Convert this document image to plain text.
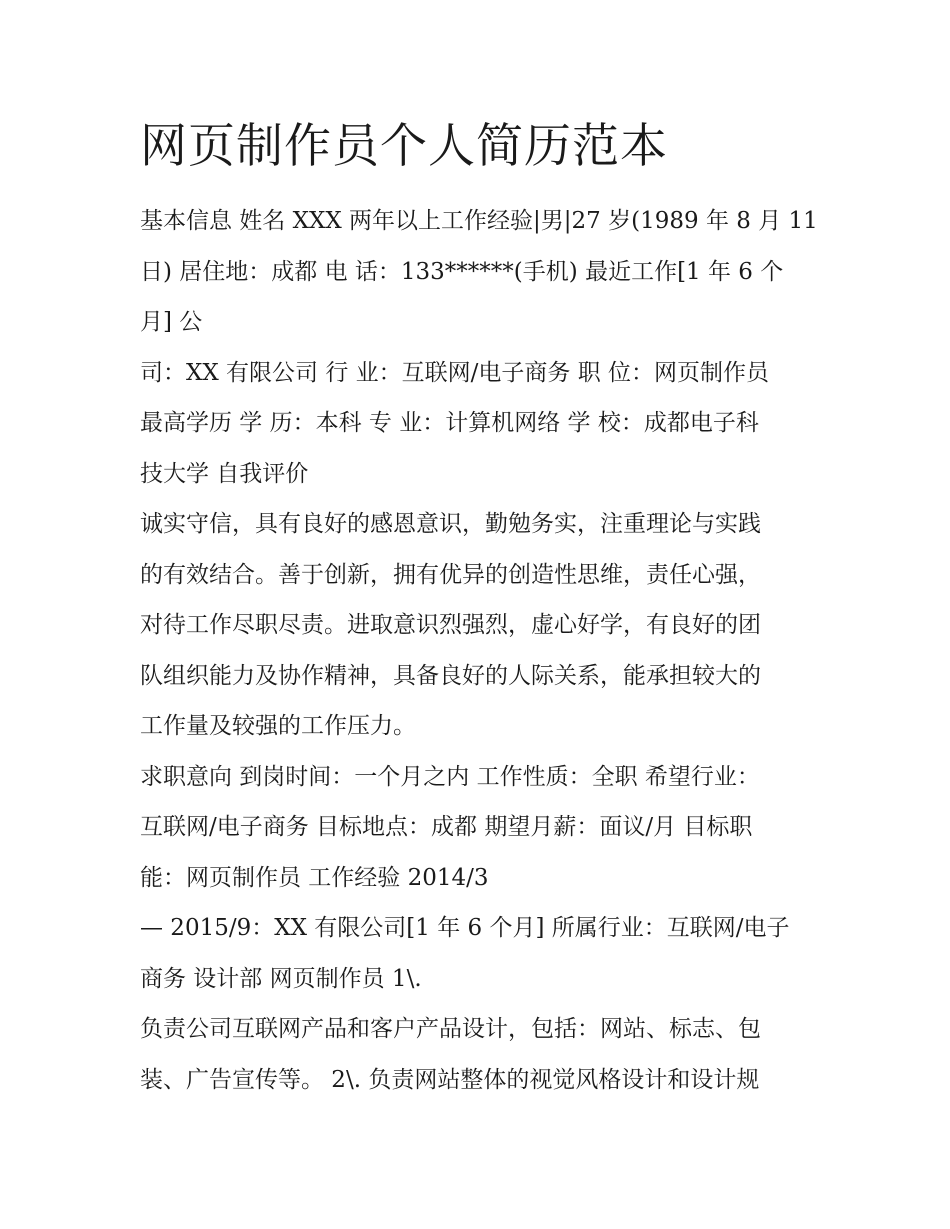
网页制作员个人简历范本

基本信息 姓名 XXX 两年以上工作经验|男|27 岁(1989 年 8 月 11

日) 居住地：成都 电 话：133******(手机) 最近工作[1 年 6 个

月] 公

司：XX 有限公司 行 业：互联网/电子商务 职 位：网页制作员

最高学历 学 历：本科 专 业：计算机网络 学 校：成都电子科

技大学 自我评价

诚实守信，具有良好的感恩意识，勤勉务实，注重理论与实践

的有效结合。善于创新，拥有优异的创造性思维，责任心强，

对待工作尽职尽责。进取意识烈强烈，虚心好学，有良好的团

队组织能力及协作精神，具备良好的人际关系，能承担较大的

工作量及较强的工作压力。

求职意向 到岗时间：一个月之内 工作性质：全职 希望行业：

互联网/电子商务 目标地点：成都 期望月薪：面议/月 目标职

能：网页制作员 工作经验 2014/3

— 2015/9：XX 有限公司[1 年 6 个月] 所属行业：互联网/电子

商务 设计部 网页制作员 1\.

负责公司互联网产品和客户产品设计，包括：网站、标志、包

装、广告宣传等。 2\. 负责网站整体的视觉风格设计和设计规
